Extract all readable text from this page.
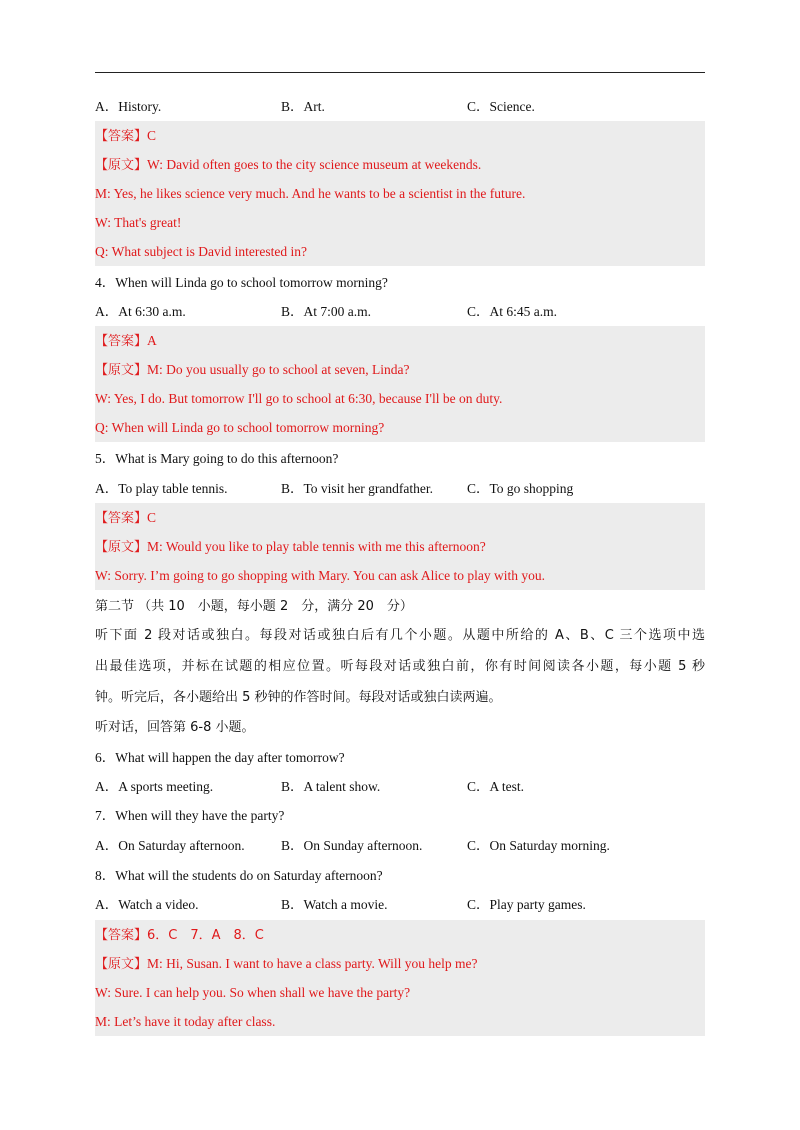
A．History.	B．Art.	C．Science.
【答案】C
【原文】W: David often goes to the city science museum at weekends.
M: Yes, he likes science very much. And he wants to be a scientist in the future.
W: That's great!
Q: What subject is David interested in?
4．When will Linda go to school tomorrow morning?
A．At 6:30 a.m.	B．At 7:00 a.m.	C．At 6:45 a.m.
【答案】A
【原文】M: Do you usually go to school at seven, Linda?
W: Yes, I do. But tomorrow I'll go to school at 6:30, because I'll be on duty.
Q: When will Linda go to school tomorrow morning?
5．What is Mary going to do this afternoon?
A．To play table tennis.	B．To visit her grandfather.	C．To go shopping
【答案】C
【原文】M: Would you like to play table tennis with me this afternoon?
W: Sorry. I’m going to go shopping with Mary. You can ask Alice to play with you.
第二节 （共 10　小题，每小题 2　分，满分 20　分）
听下面 2 段对话或独白。每段对话或独白后有几个小题。从题中所给的 A、B、C 三个选项中选
出最佳选项，并标在试题的相应位置。听每段对话或独白前，你有时间阅读各小题，每小题 5 秒
钟。听完后，各小题给出 5 秒钟的作答时间。每段对话或独白读两遍。
听对话，回答第 6-8 小题。
6．What will happen the day after tomorrow?
A．A sports meeting.	B．A talent show.	C．A test.
7．When will they have the party?
A．On Saturday afternoon.	B．On Sunday afternoon.	C．On Saturday morning.
8．What will the students do on Saturday afternoon?
A．Watch a video.	B．Watch a movie.	C．Play party games.
【答案】6．C　7．A　8．C
【原文】M: Hi, Susan. I want to have a class party. Will you help me?
W: Sure. I can help you. So when shall we have the party?
M: Let’s have it today after class.
